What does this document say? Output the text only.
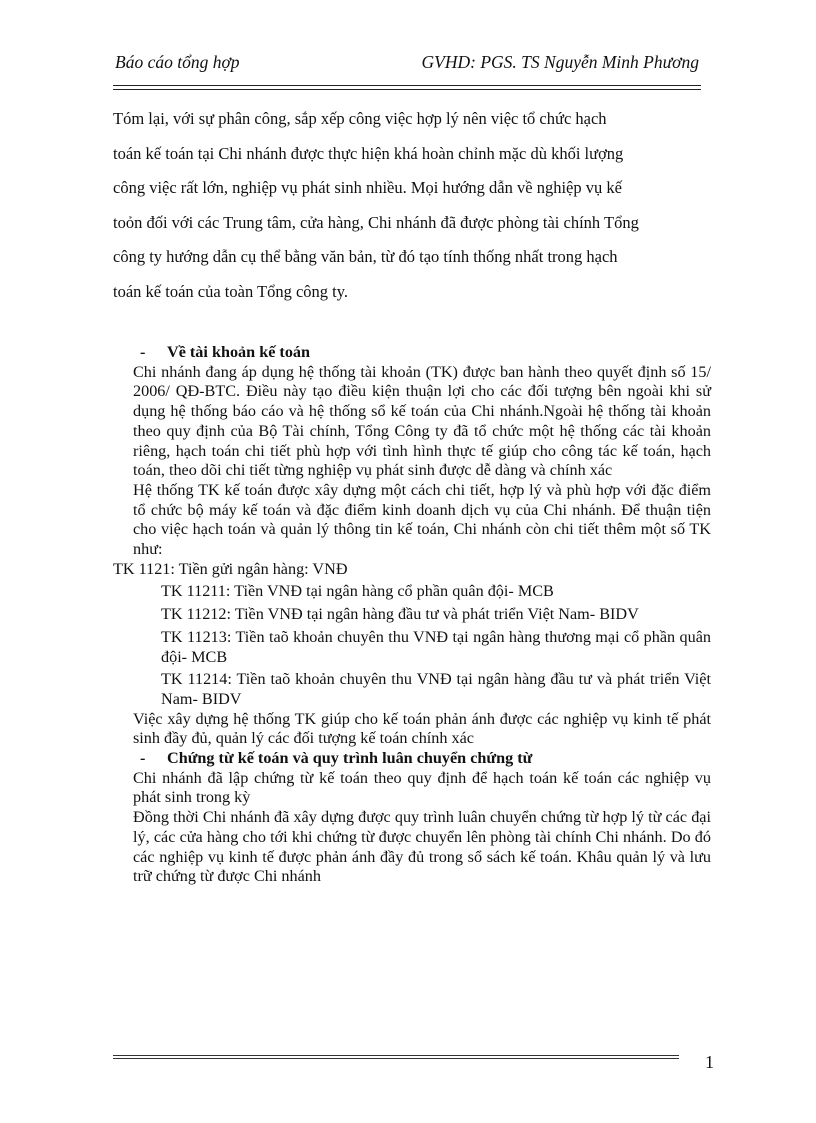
Báo cáo tổng hợp	GVHD: PGS. TS Nguyễn Minh Phương

Tóm lại, với sự phân công, sắp xếp công việc hợp lý nên việc tổ chức hạch

toán kế toán tại Chi nhánh được thực hiện khá hoàn chỉnh mặc dù khối lượng

công việc rất lớn, nghiệp vụ phát sinh nhiều. Mọi hướng dẫn về nghiệp vụ kế

toỏn đối với các Trung tâm, cửa hàng, Chi nhánh đã được phòng tài chính Tổng

công ty hướng dẫn cụ thể bằng văn bản, từ đó tạo tính thống nhất trong hạch

toán kế toán của toàn Tổng công ty.

- Về tài khoản kế toán

Chi nhánh đang áp dụng hệ thống tài khoản (TK) được ban hành theo quyết định số 15/ 2006/ QĐ-BTC. Điều này tạo điều kiện thuận lợi cho các đối tượng bên ngoài khi sử dụng hệ thống báo cáo và hệ thống sổ kế toán của Chi nhánh.Ngoài hệ thống tài khoản theo quy định của Bộ Tài chính, Tổng Công ty đã tổ chức một hệ thống các tài khoản riêng, hạch toán chi tiết phù hợp với tình hình thực tế giúp cho công tác kế toán, hạch toán, theo dõi chi tiết từng nghiệp vụ phát sinh được dễ dàng và chính xác

Hệ thống TK kế toán được xây dựng một cách chi tiết, hợp lý và phù hợp với đặc điểm tổ chức bộ máy kế toán và đặc điểm kinh doanh dịch vụ của Chi nhánh. Để thuận tiện cho việc hạch toán và quản lý thông tin kế toán, Chi nhánh còn chi tiết thêm một số TK như:

TK 1121: Tiền gửi ngân hàng: VNĐ

TK 11211: Tiền VNĐ tại ngân hàng cổ phần quân đội- MCB

TK 11212: Tiền VNĐ tại ngân hàng đầu tư và phát triển Việt Nam- BIDV

TK 11213: Tiền taõ khoản chuyên thu VNĐ tại ngân hàng thương mại cổ phần quân đội- MCB

TK 11214: Tiền taõ khoản chuyên thu VNĐ tại ngân hàng đầu tư và phát triển Việt Nam- BIDV

Việc xây dựng hệ thống TK giúp cho kế toán phản ánh được các nghiệp vụ kinh tế phát sinh đầy đủ, quản lý các đối tượng kế toán chính xác

- Chứng từ kế toán và quy trình luân chuyển chứng từ

Chi nhánh đã lập chứng từ kế toán theo quy định để hạch toán kế toán các nghiệp vụ phát sinh trong kỳ

Đồng thời Chi nhánh đã xây dựng được quy trình luân chuyển chứng từ hợp lý từ các đại lý, các cửa hàng cho tới khi chứng từ được chuyển lên phòng tài chính Chi nhánh. Do đó các nghiệp vụ kinh tế được phản ánh đầy đủ trong sổ sách kế toán. Khâu quản lý và lưu trữ chứng từ được Chi nhánh

1
